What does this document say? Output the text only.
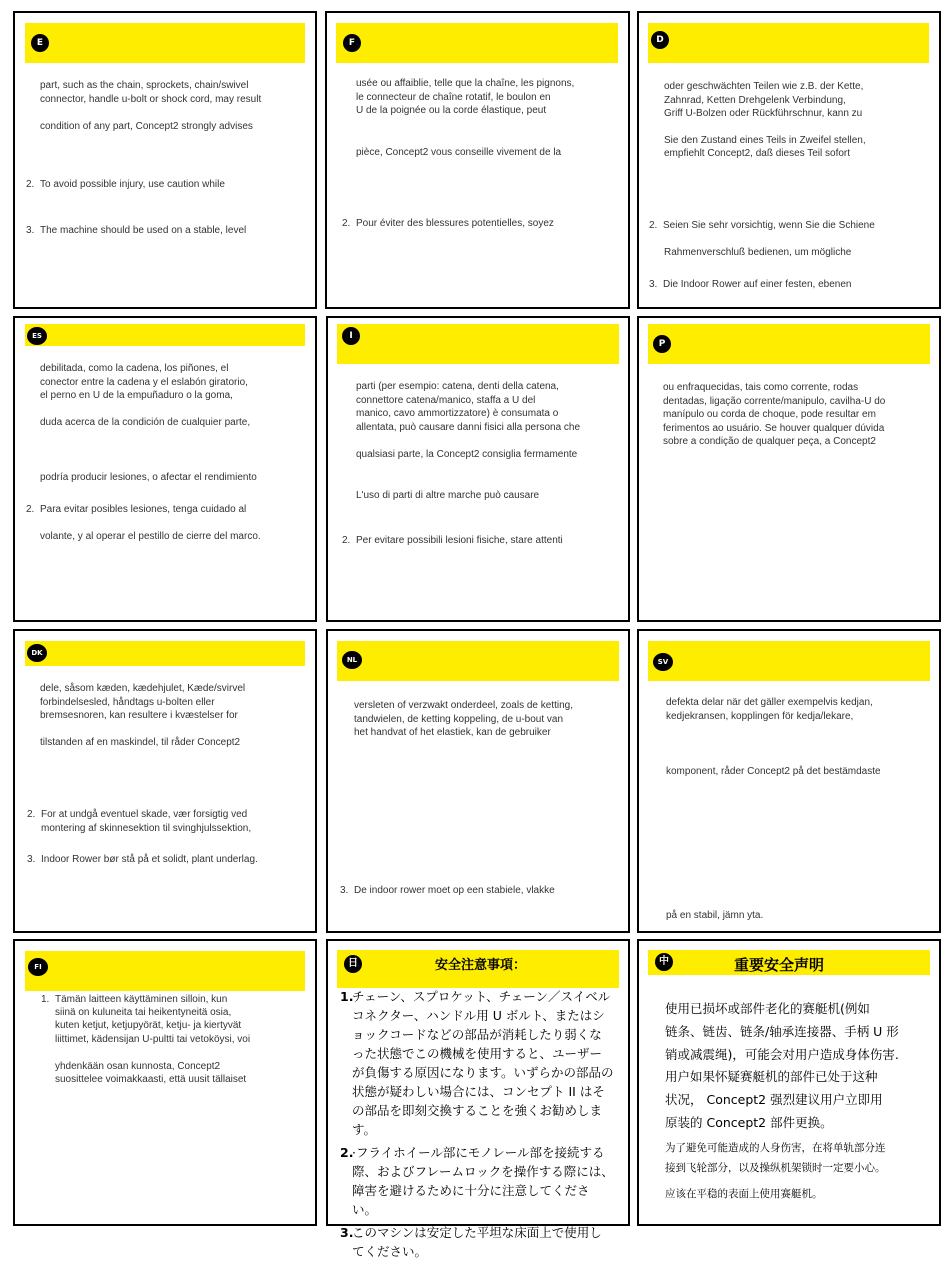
E
part, such as the chain, sprockets, chain/swivel
connector, handle u-bolt or shock cord, may result
condition of any part, Concept2 strongly advises
2. To avoid possible injury, use caution while
3. The machine should be used on a stable, level
F
usée ou affaiblie, telle que la chaîne, les pignons,
le connecteur de chaîne rotatif, le boulon en
U de la poignée ou la corde élastique, peut
pièce, Concept2 vous conseille vivement de la
2. Pour éviter des blessures potentielles, soyez
D
oder geschwächten Teilen wie z.B. der Kette,
Zahnrad, Ketten Drehgelenk Verbindung,
Griff U-Bolzen oder Rückführschnur, kann zu
Sie den Zustand eines Teils in Zweifel stellen,
empfiehlt Concept2, daß dieses Teil sofort
2. Seien Sie sehr vorsichtig, wenn Sie die Schiene
Rahmenverschluß bedienen, um mögliche
3. Die Indoor Rower auf einer festen, ebenen
ES
debilitada, como la cadena, los piñones, el
conector entre la cadena y el eslabón giratorio,
el perno en U de la empuñaduro o la goma,
duda acerca de la condición de cualquier parte,
podría producir lesiones, o afectar el rendimiento
2. Para evitar posibles lesiones, tenga cuidado al
volante, y al operar el pestillo de cierre del marco.
I
parti (per esempio: catena, denti della catena,
connettore catena/manico, staffa a U del
manico, cavo ammortizzatore) è consumata o
allentata, può causare danni fisici alla persona che
qualsiasi parte, la Concept2 consiglia fermamente
L'uso di parti di altre marche può causare
2. Per evitare possibili lesioni fisiche, stare attenti
P
ou enfraquecidas, tais como corrente, rodas
dentadas, ligação corrente/manipulo, cavilha-U do
manípulo ou corda de choque, pode resultar em
ferimentos ao usuário. Se houver qualquer dúvida
sobre a condição de qualquer peça, a Concept2
DK
dele, såsom kæden, kædehjulet, Kæde/svirvel
forbindelsesled, håndtags u-bolten eller
bremsesnoren, kan resultere i kvæstelser for
tilstanden af en maskindel, til råder Concept2
2. For at undgå eventuel skade, vær forsigtig ved
montering af skinnesektion til svinghjulssektion,
3. Indoor Rower bør stå på et solidt, plant underlag.
NL
versleten of verzwakt onderdeel, zoals de ketting,
tandwielen, de ketting koppeling, de u-bout van
het handvat of het elastiek, kan de gebruiker
3. De indoor rower moet op een stabiele, vlakke
SV
defekta delar när det gäller exempelvis kedjan,
kedjekransen, kopplingen för kedja/lekare,
komponent, råder Concept2 på det bestämdaste
på en stabil, jämn yta.
FI
1. Tämän laitteen käyttäminen silloin, kun
siinä on kuluneita tai heikentyneitä osia,
kuten ketjut, ketjupyörät, ketju- ja kiertyvät
liittimet, kädensijan U-pultti tai vetoköysi, voi
yhdenkään osan kunnosta, Concept2
suosittelee voimakkaasti, että uusit tällaiset
日	安全注意事項：
1.
チェーン、スプロケット、チェーン／スイベルコネクター、ハンドル用 U ボルト、またはショックコードなどの部品が消耗したり弱くなった状態でこの機械を使用すると、ユーザーが負傷する原因になります。いずらかの部品の状態が疑わしい場合には、コンセプト II はその部品を即刻交換することを強くお勧めします。
2.
·フライホイール部にモノレール部を接続する際、およびフレームロックを操作する際には、障害を避けるために十分に注意してください。
3.
このマシンは安定した平坦な床面上で使用してください。
中	重要安全声明
使用已损坏或部件老化的赛艇机(例如
链条、链齿、链条/轴承连接器、手柄 U 形
销或减震绳)，可能会对用户造成身体伤害.
用户如果怀疑赛艇机的部件已处于这种
状况， Concept2 强烈建议用户立即用
原装的 Concept2 部件更换。
为了避免可能造成的人身伤害，在将单轨部分连
接到飞轮部分，以及操纵机架锁时一定要小心。
应该在平稳的表面上使用赛艇机。
